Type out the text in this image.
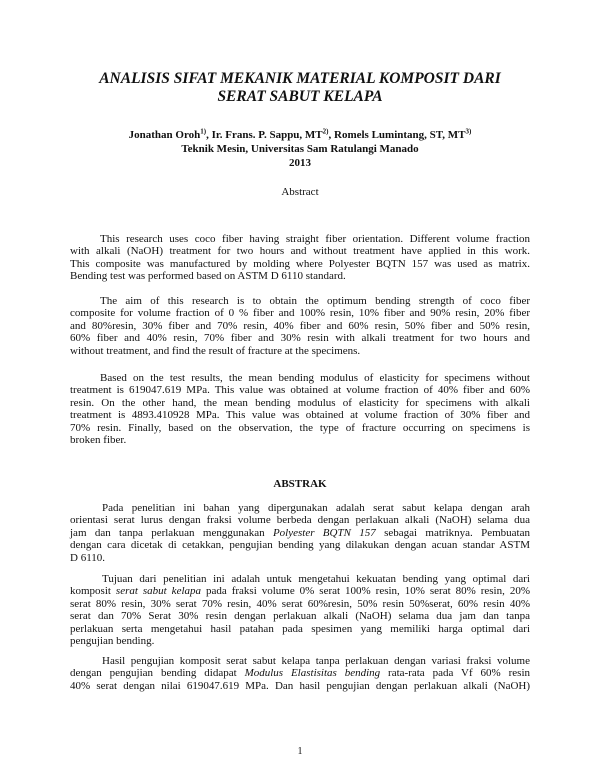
ANALISIS SIFAT MEKANIK MATERIAL KOMPOSIT DARI
SERAT SABUT KELAPA
Jonathan Oroh$^{1)}$, Ir. Frans. P. Sappu, MT$^{2)}$, Romels Lumintang, ST, MT$^{3)}$
Teknik Mesin, Universitas Sam Ratulangi Manado
2013
Abstract
This research uses coco fiber having straight fiber orientation. Different volume fraction
with alkali (NaOH) treatment for two hours and without treatment have applied in this work.
This composite was manufactured by molding where Polyester BQTN 157 was used as matrix.
Bending test was performed based on ASTM D 6110 standard.
The aim of this research is to obtain the optimum bending strength of coco fiber
composite for volume fraction of 0 % fiber and 100% resin, 10% fiber and 90% resin, 20% fiber
and 80%resin, 30% fiber and 70% resin, 40% fiber and 60% resin, 50% fiber and 50% resin,
60% fiber and 40% resin, 70% fiber and 30% resin with alkali treatment for two hours and
without treatment, and find the result of fracture at the specimens.
Based on the test results, the mean bending modulus of elasticity for specimens without
treatment is 619047.619 MPa. This value was obtained at volume fraction of 40% fiber and 60%
resin. On the other hand, the mean bending modulus of elasticity for specimens with alkali
treatment is 4893.410928 MPa. This value was obtained at volume fraction of 30% fiber and
70% resin. Finally, based on the observation, the type of fracture occurring on specimens is
broken fiber.
ABSTRAK
Pada penelitian ini bahan yang dipergunakan adalah serat sabut kelapa dengan arah
orientasi serat lurus dengan fraksi volume berbeda dengan perlakuan alkali (NaOH) selama dua
jam dan tanpa perlakuan menggunakan Polyester BQTN 157 sebagai matriknya. Pembuatan
dengan cara dicetak di cetakkan, pengujian bending yang dilakukan dengan acuan standar ASTM
D 6110.
Tujuan dari penelitian ini adalah untuk mengetahui kekuatan bending yang optimal dari
komposit serat sabut kelapa pada fraksi volume 0% serat 100% resin, 10% serat 80% resin, 20%
serat 80% resin, 30% serat 70% resin, 40% serat 60%resin, 50% resin 50%serat, 60% resin 40%
serat dan 70% Serat 30% resin dengan perlakuan alkali (NaOH) selama dua jam dan tanpa
perlakuan serta mengetahui hasil patahan pada spesimen yang memiliki harga optimal dari
pengujian bending.
Hasil pengujian komposit serat sabut kelapa tanpa perlakuan dengan variasi fraksi volume
dengan pengujian bending didapat Modulus Elastisitas bending rata-rata pada Vf 60% resin
40% serat dengan nilai 619047.619 MPa. Dan hasil pengujian dengan perlakuan alkali (NaOH)
1
